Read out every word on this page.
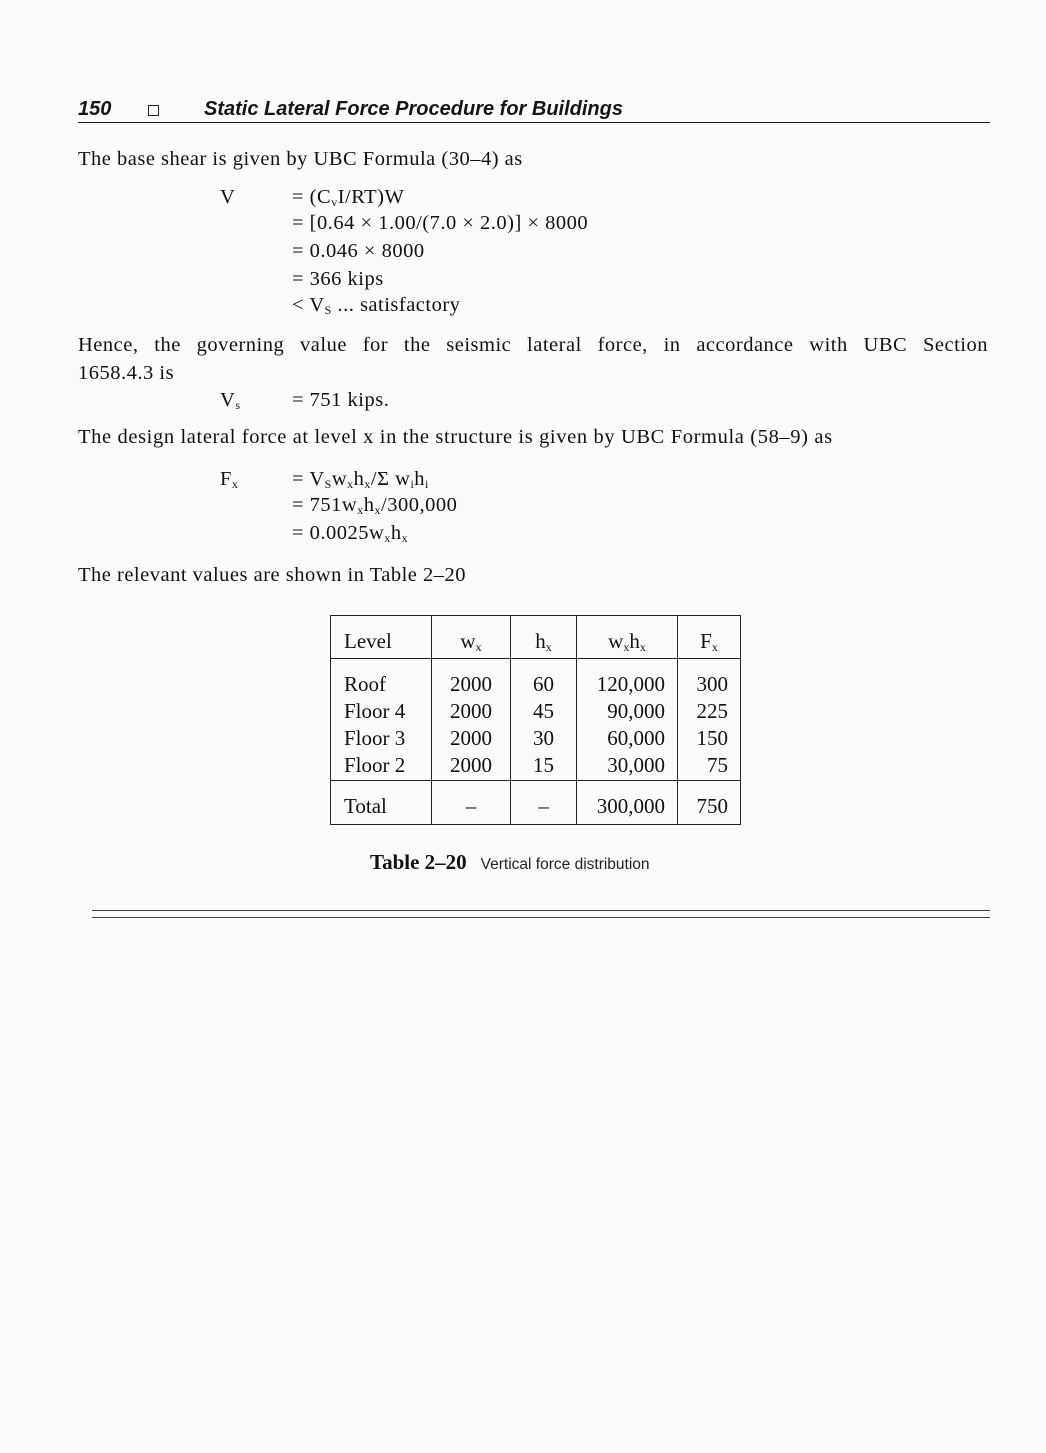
150	Static Lateral Force Procedure for Buildings
The base shear is given by UBC Formula (30–4) as
V	= $(C_vI/RT)W$
= [0.64 × 1.00/(7.0 × 2.0)] × 8000
= 0.046 × 8000
= 366 kips
< $V_S$ ... satisfactory
Hence, the governing value for the seismic lateral force, in accordance with UBC Section
1658.4.3 is
$V_s$	= 751 kips.
The design lateral force at level x in the structure is given by UBC Formula (58–9) as
$F_x$	= $V_Sw_xh_x/\Sigma$ $w_ih_i$
= $751w_xh_x/300,000$
= $0.0025w_xh_x$
The relevant values are shown in Table 2–20
Level	$w_x$	$h_x$	$w_xh_x$	$F_x$
Roof	2000	60	120,000	300
Floor 4	2000	45	90,000	225
Floor 3	2000	30	60,000	150
Floor 2	2000	15	30,000	75
Total	–	–	300,000	750
Table 2–20 Vertical force distribution
